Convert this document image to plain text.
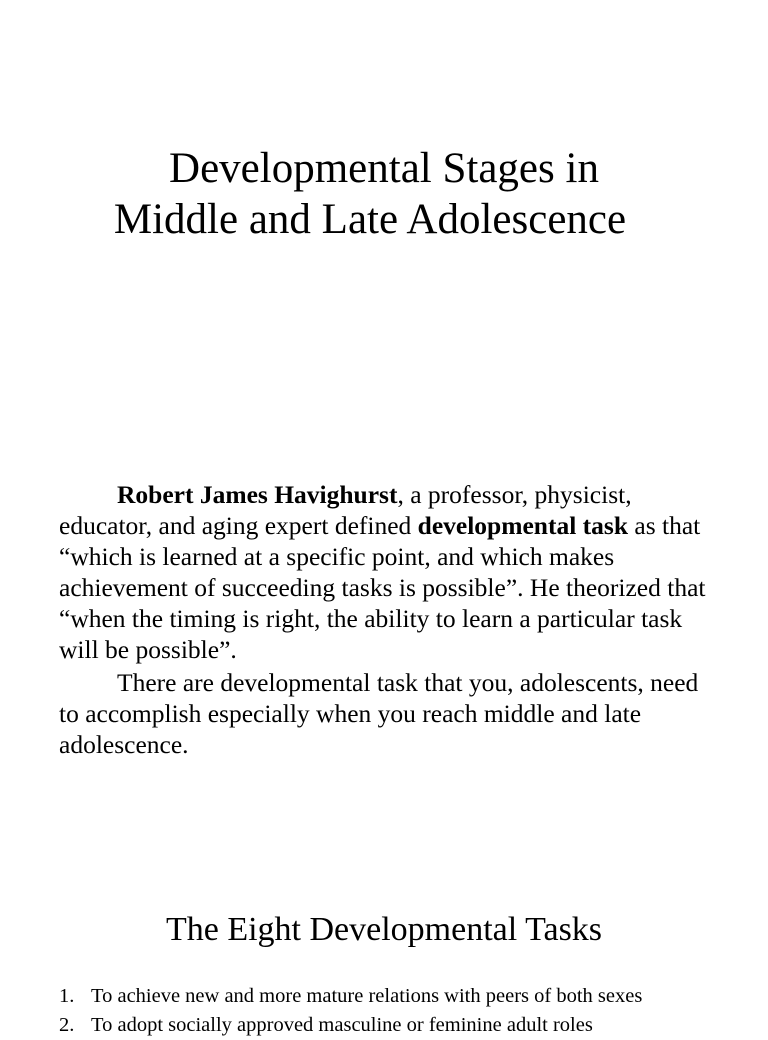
Developmental Stages in
Middle and Late Adolescence

Robert James Havighurst, a professor, physicist, educator, and aging expert defined developmental task as that “which is learned at a specific point, and which makes achievement of succeeding tasks is possible”. He theorized that “when the timing is right, the ability to learn a particular task will be possible”.

There are developmental task that you, adolescents, need to accomplish especially when you reach middle and late adolescence.

The Eight Developmental Tasks
1. To achieve new and more mature relations with peers of both sexes
2. To adopt socially approved masculine or feminine adult roles
